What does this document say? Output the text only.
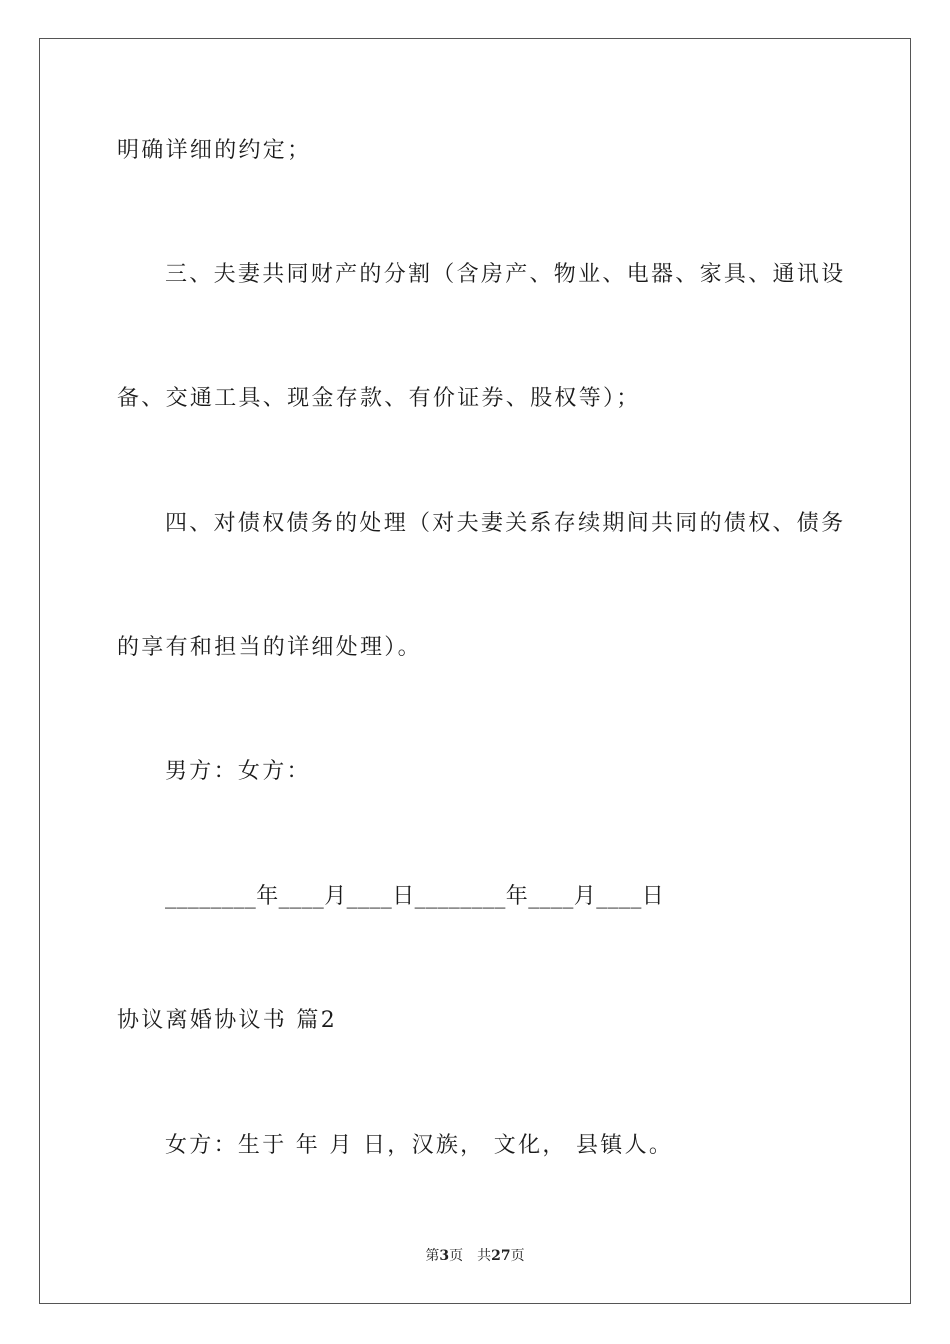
明确详细的约定；
三、夫妻共同财产的分割（含房产、物业、电器、家具、通讯设
备、交通工具、现金存款、有价证券、股权等）；
四、对债权债务的处理（对夫妻关系存续期间共同的债权、债务
的享有和担当的详细处理）。
男方：女方：
________年____月____日________年____月____日
协议离婚协议书 篇2
女方：生于 年 月 日，汉族， 文化， 县镇人。
第3页 共27页
